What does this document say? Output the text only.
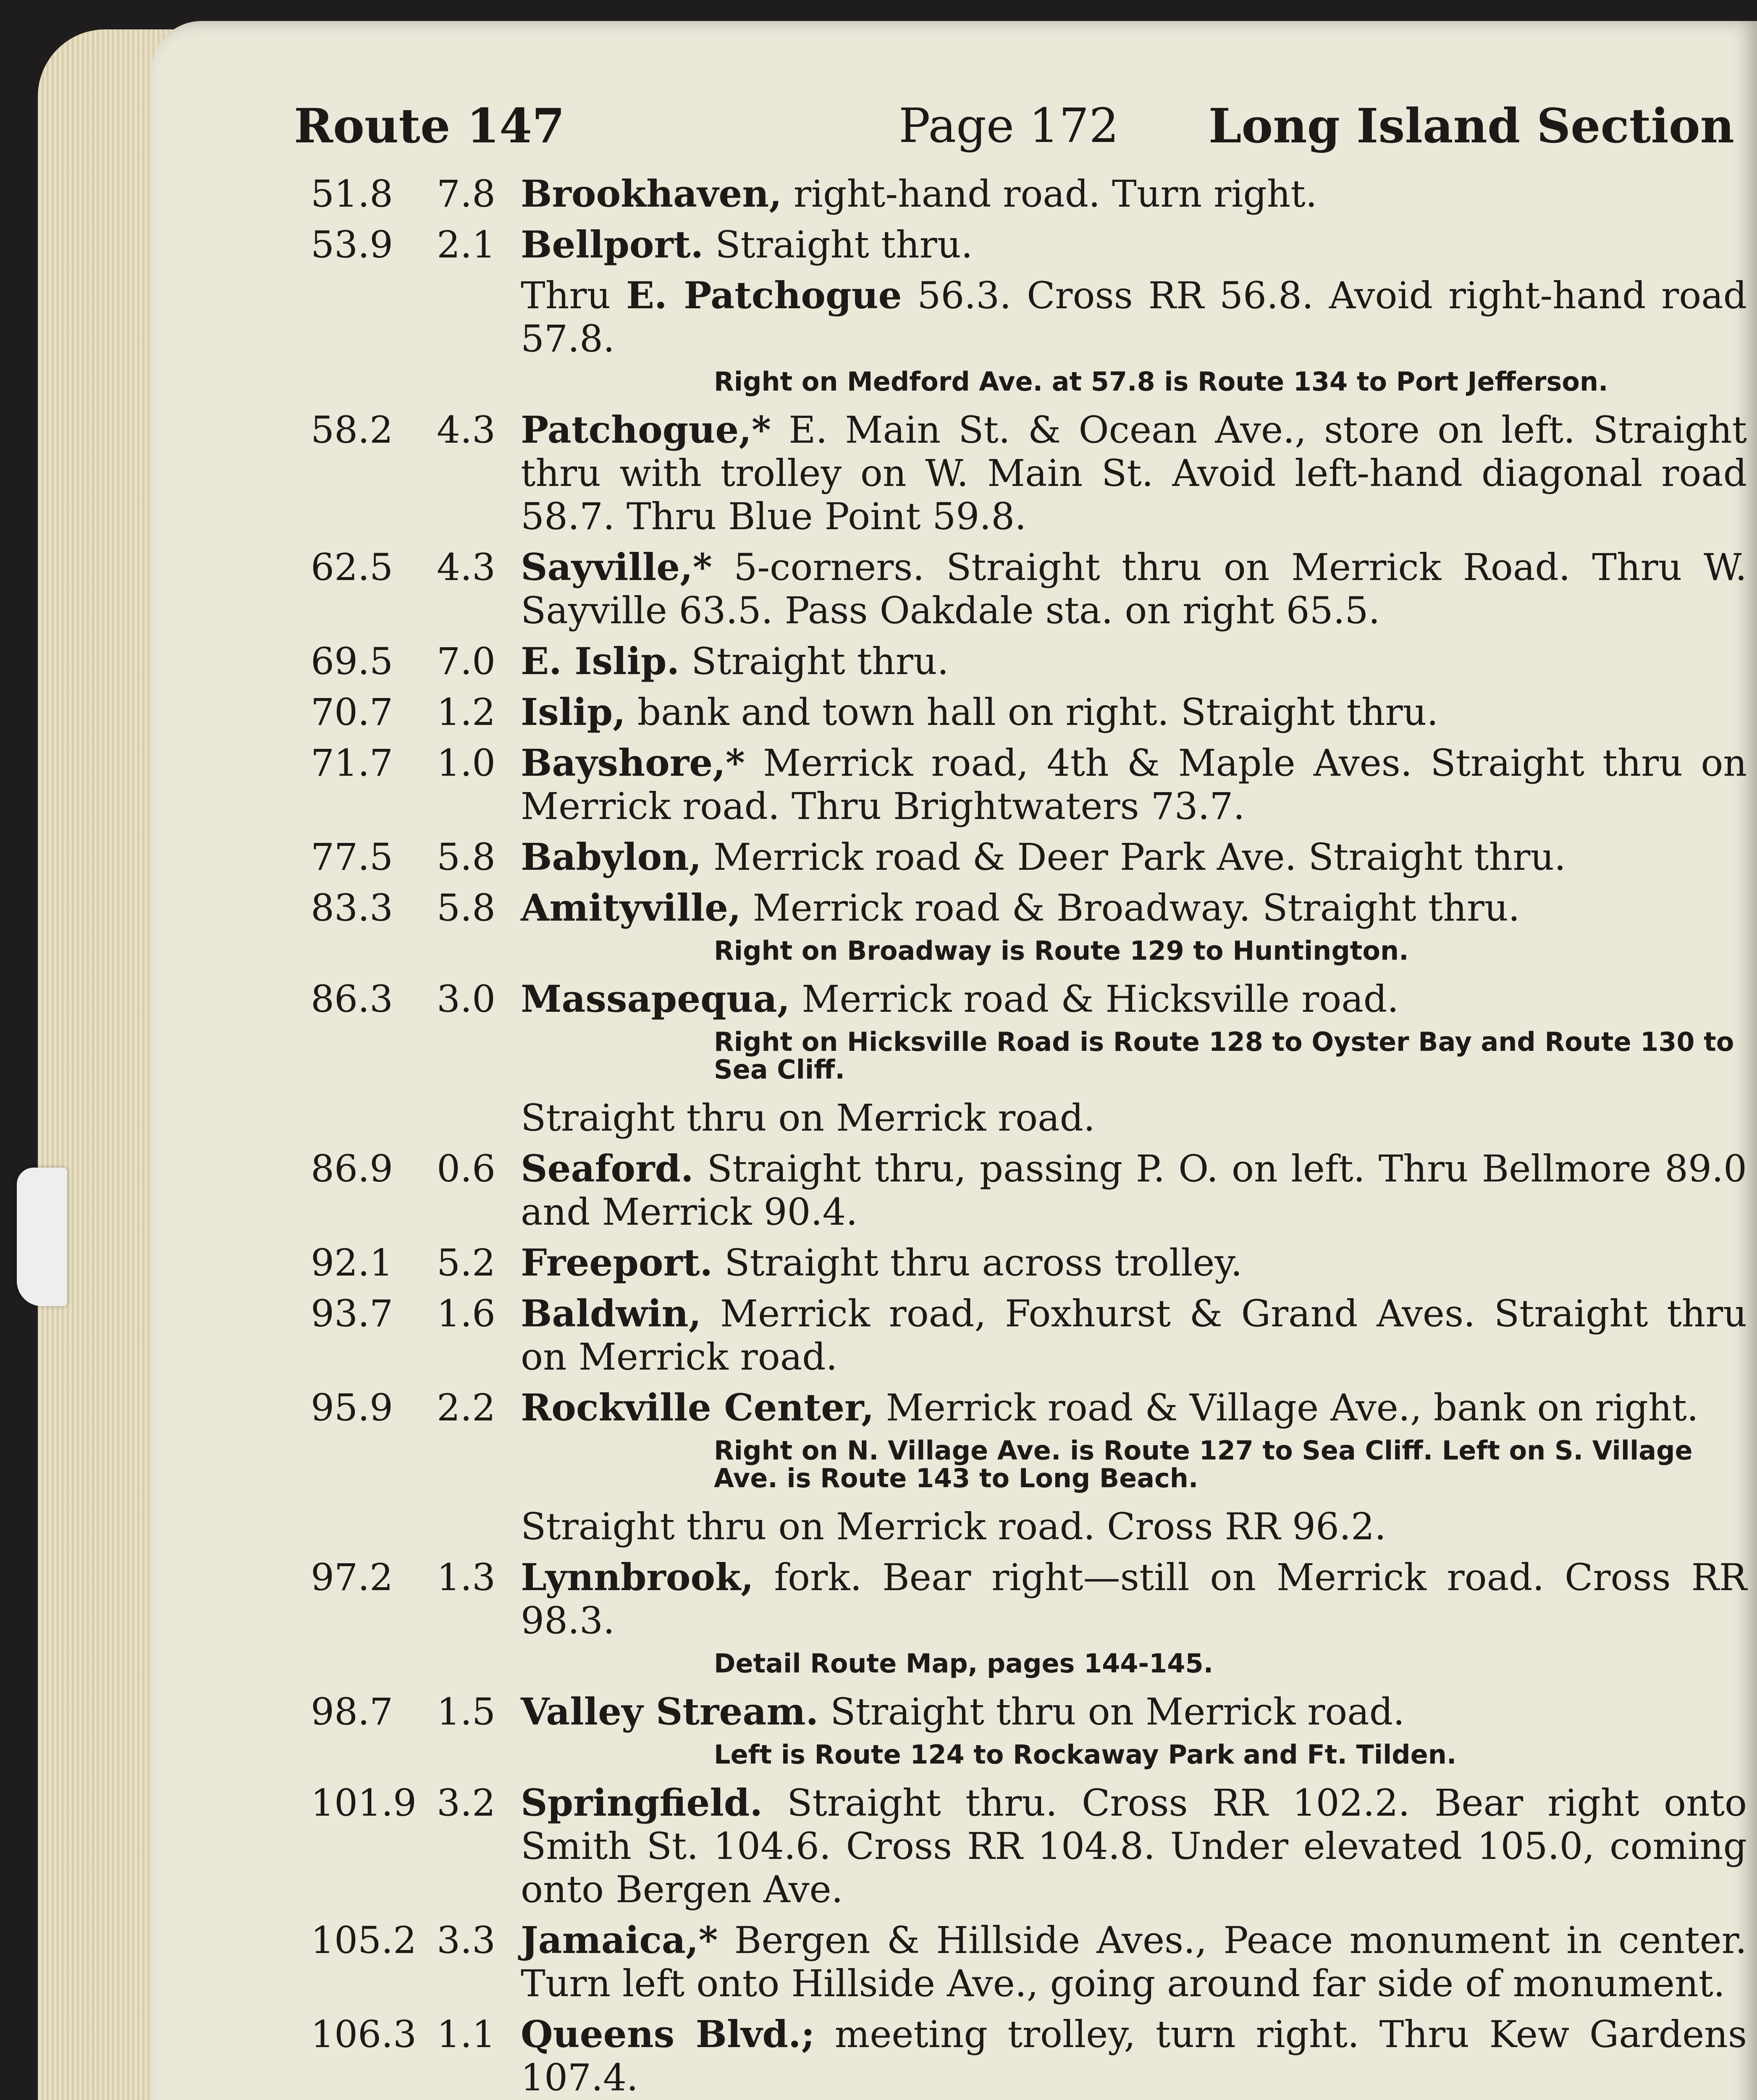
Route 147	Page 172 Long Island Section
51.8	7.8 Brookhaven, right-hand road. Turn right.
53.9	2.1 Bellport. Straight thru.
Thru E. Patchogue 56.3. Cross RR 56.8. Avoid right-hand road 57.8.
Right on Medford Ave. at 57.8 is Route 134 to Port Jefferson.
58.2	4.3 Patchogue,* E. Main St. & Ocean Ave., store on left. Straight thru with trolley on W. Main St. Avoid left-hand diagonal road 58.7. Thru Blue Point 59.8.
62.5	4.3 Sayville,* 5-corners. Straight thru on Merrick Road. Thru W. Sayville 63.5. Pass Oakdale sta. on right 65.5.
69.5	7.0 E. Islip. Straight thru.
70.7	1.2 Islip, bank and town hall on right. Straight thru.
71.7	1.0 Bayshore,* Merrick road, 4th & Maple Aves. Straight thru on Merrick road. Thru Brightwaters 73.7.
77.5	5.8 Babylon, Merrick road & Deer Park Ave. Straight thru.
83.3	5.8 Amityville, Merrick road & Broadway. Straight thru.
Right on Broadway is Route 129 to Huntington.
86.3	3.0 Massapequa, Merrick road & Hicksville road.
Right on Hicksville Road is Route 128 to Oyster Bay and Route 130 to Sea Cliff.
Straight thru on Merrick road.
86.9	0.6 Seaford. Straight thru, passing P. O. on left. Thru Bellmore 89.0 and Merrick 90.4.
92.1	5.2 Freeport. Straight thru across trolley.
93.7	1.6 Baldwin, Merrick road, Foxhurst & Grand Aves. Straight thru on Merrick road.
95.9	2.2 Rockville Center, Merrick road & Village Ave., bank on right.
Right on N. Village Ave. is Route 127 to Sea Cliff. Left on S. Village Ave. is Route 143 to Long Beach.
Straight thru on Merrick road. Cross RR 96.2.
97.2	1.3 Lynnbrook, fork. Bear right—still on Merrick road. Cross RR 98.3.
Detail Route Map, pages 144-145.
98.7	1.5 Valley Stream. Straight thru on Merrick road.
Left is Route 124 to Rockaway Park and Ft. Tilden.
101.9 3.2 Springfield. Straight thru. Cross RR 102.2. Bear right onto Smith St. 104.6. Cross RR 104.8. Under elevated 105.0, coming onto Bergen Ave.
105.2 3.3 Jamaica,* Bergen & Hillside Aves., Peace monument in center. Turn left onto Hillside Ave., going around far side of monument.
106.3 1.1 Queens Blvd.; meeting trolley, turn right. Thru Kew Gardens 107.4.
